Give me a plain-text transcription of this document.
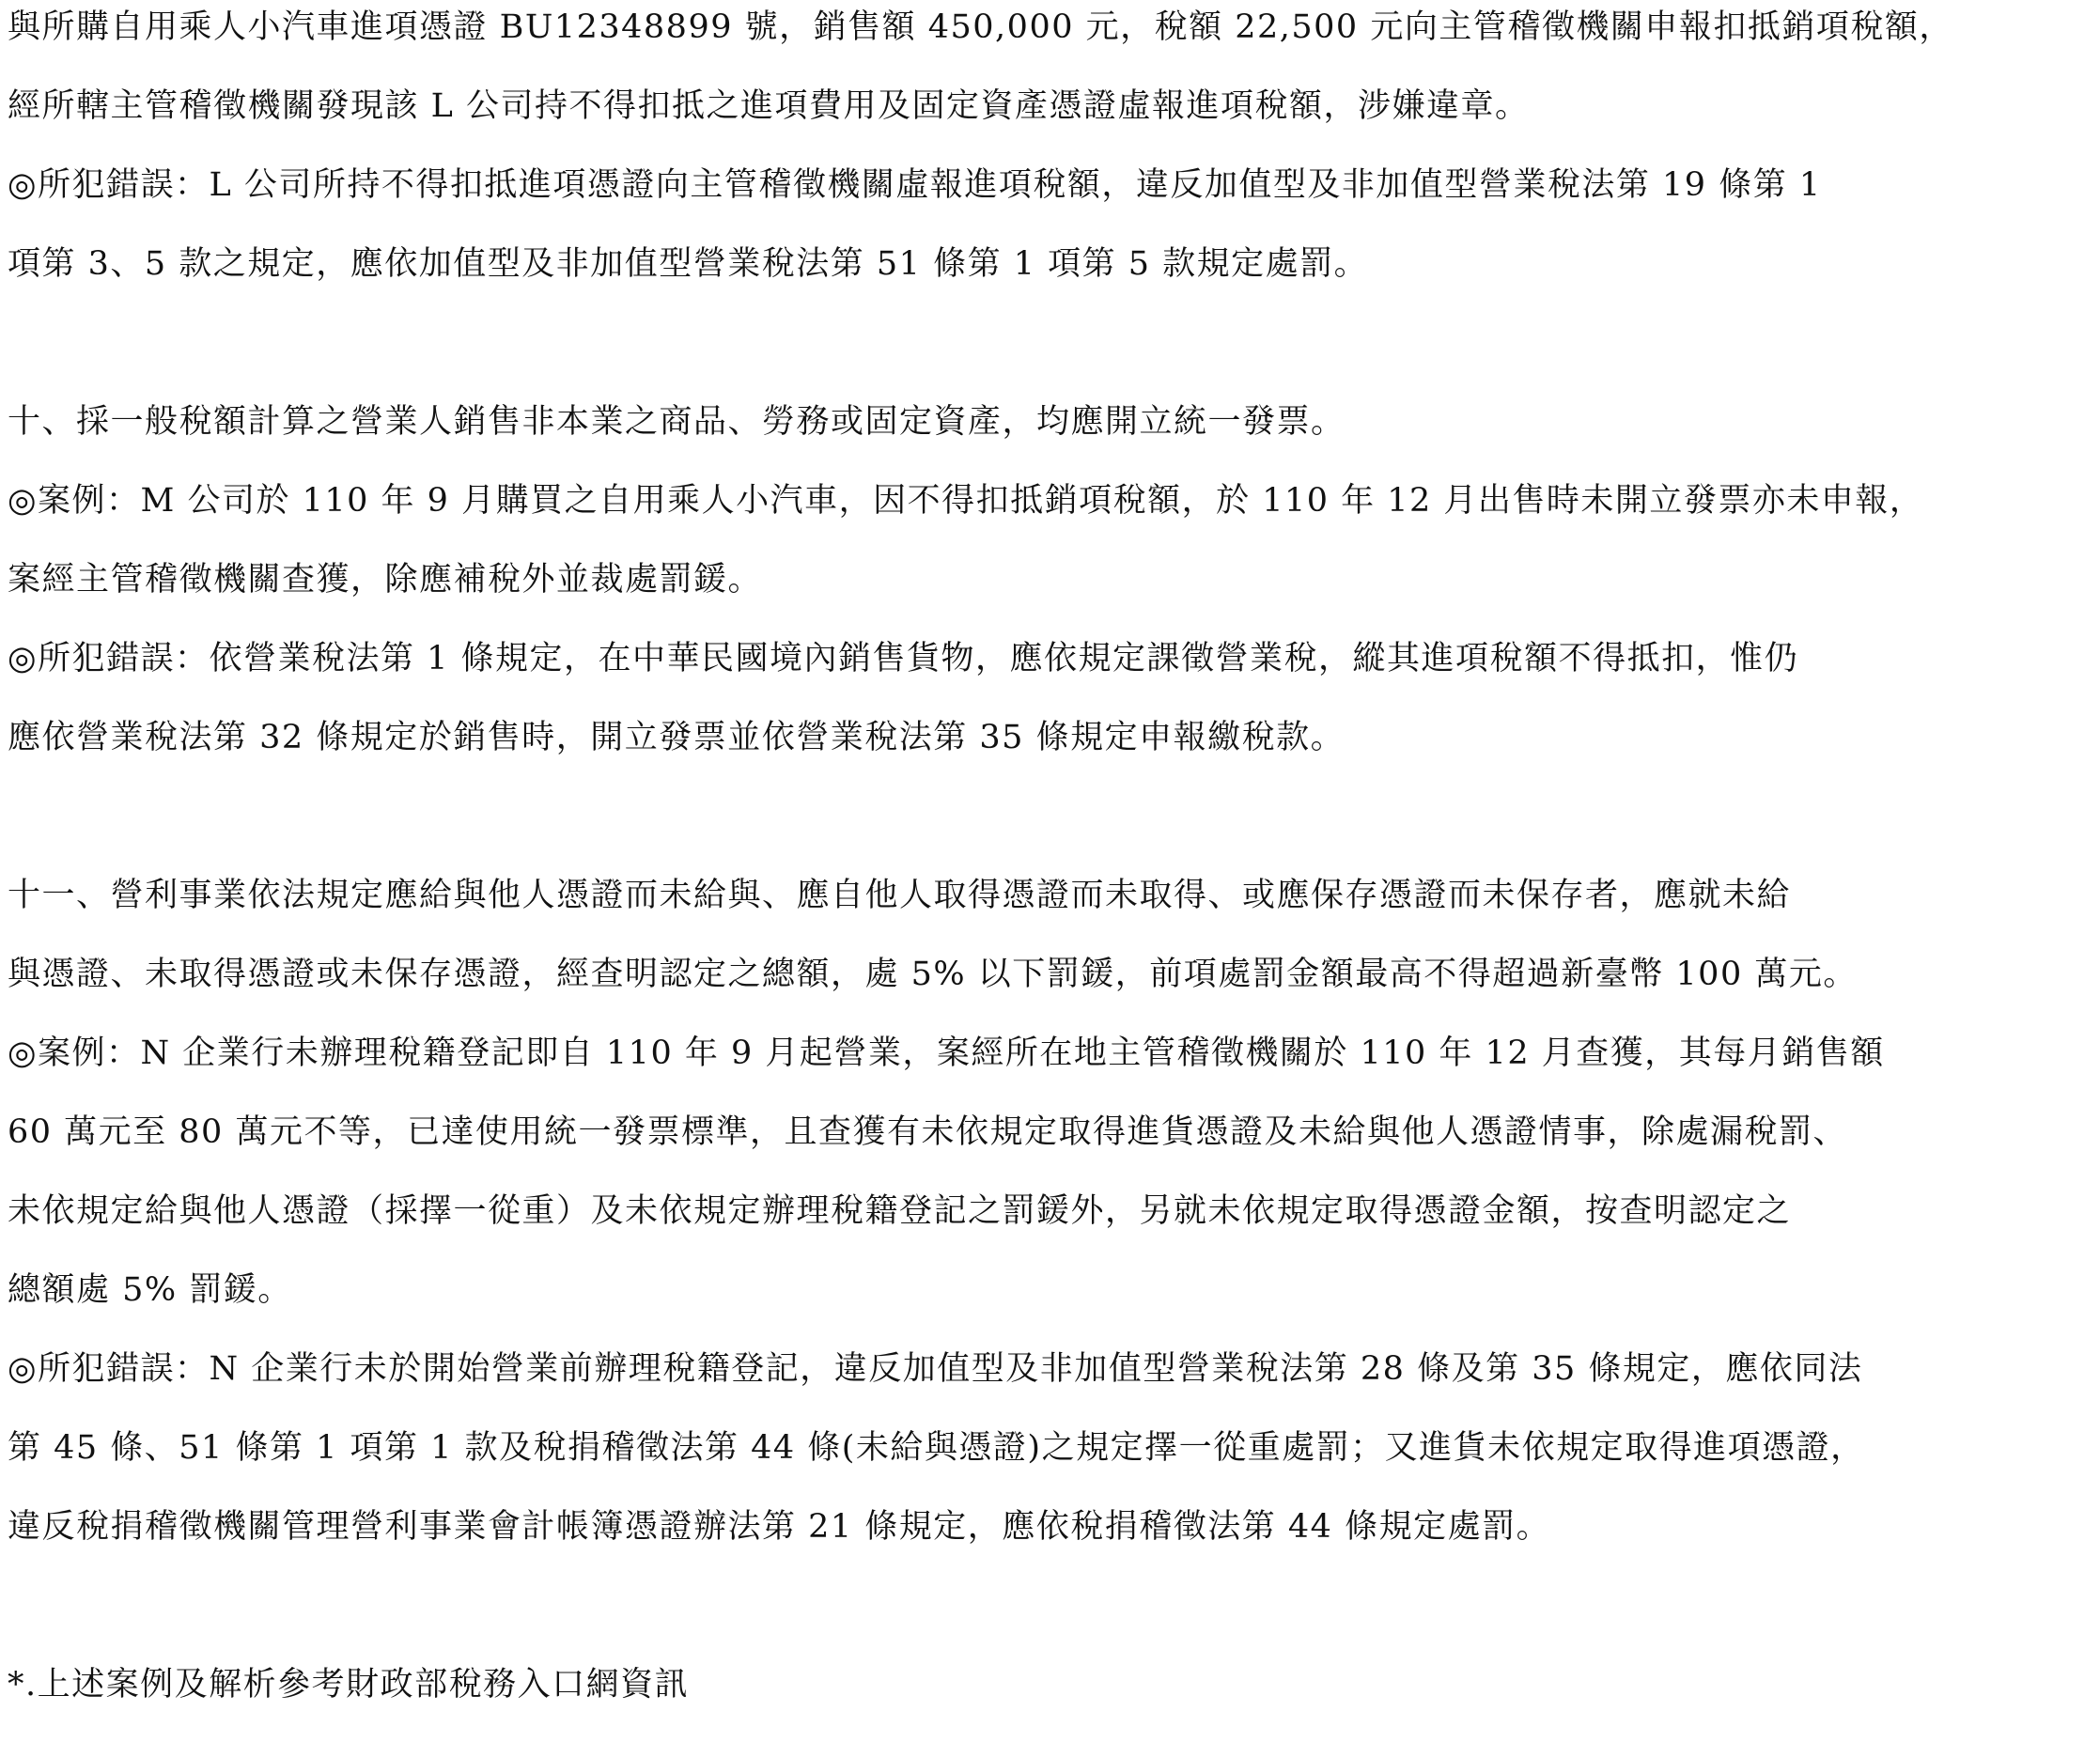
與所購自用乘人小汽車進項憑證 BU12348899 號，銷售額 450,000 元，稅額 22,500 元向主管稽徵機關申報扣抵銷項稅額，
經所轄主管稽徵機關發現該 L 公司持不得扣抵之進項費用及固定資產憑證虛報進項稅額，涉嫌違章。
◎所犯錯誤：L 公司所持不得扣抵進項憑證向主管稽徵機關虛報進項稅額，違反加值型及非加值型營業稅法第 19 條第 1
項第 3、5 款之規定，應依加值型及非加值型營業稅法第 51 條第 1 項第 5 款規定處罰。
十、採一般稅額計算之營業人銷售非本業之商品、勞務或固定資產，均應開立統一發票。
◎案例：M 公司於 110 年 9 月購買之自用乘人小汽車，因不得扣抵銷項稅額，於 110 年 12 月出售時未開立發票亦未申報，
案經主管稽徵機關查獲，除應補稅外並裁處罰鍰。
◎所犯錯誤：依營業稅法第 1 條規定，在中華民國境內銷售貨物，應依規定課徵營業稅，縱其進項稅額不得抵扣，惟仍
應依營業稅法第 32 條規定於銷售時，開立發票並依營業稅法第 35 條規定申報繳稅款。
十一、營利事業依法規定應給與他人憑證而未給與、應自他人取得憑證而未取得、或應保存憑證而未保存者，應就未給
與憑證、未取得憑證或未保存憑證，經查明認定之總額，處 5% 以下罰鍰，前項處罰金額最高不得超過新臺幣 100 萬元。
◎案例：N 企業行未辦理稅籍登記即自 110 年 9 月起營業，案經所在地主管稽徵機關於 110 年 12 月查獲，其每月銷售額
60 萬元至 80 萬元不等，已達使用統一發票標準，且查獲有未依規定取得進貨憑證及未給與他人憑證情事，除處漏稅罰、
未依規定給與他人憑證（採擇一從重）及未依規定辦理稅籍登記之罰鍰外，另就未依規定取得憑證金額，按查明認定之
總額處 5% 罰鍰。
◎所犯錯誤：N 企業行未於開始營業前辦理稅籍登記，違反加值型及非加值型營業稅法第 28 條及第 35 條規定，應依同法
第 45 條、51 條第 1 項第 1 款及稅捐稽徵法第 44 條(未給與憑證)之規定擇一從重處罰；又進貨未依規定取得進項憑證，
違反稅捐稽徵機關管理營利事業會計帳簿憑證辦法第 21 條規定，應依稅捐稽徵法第 44 條規定處罰。
*.上述案例及解析參考財政部稅務入口網資訊
